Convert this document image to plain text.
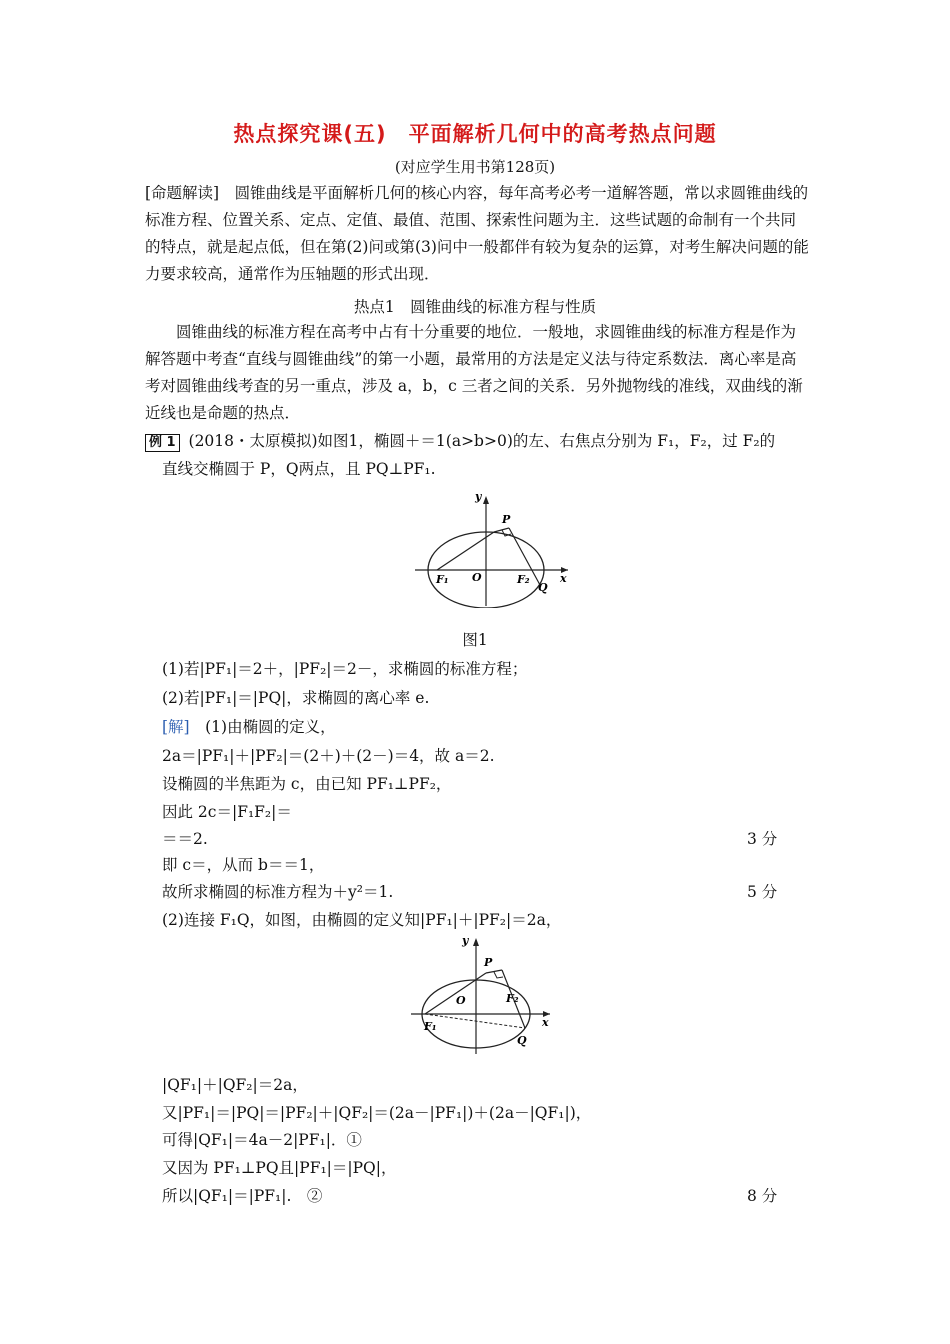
热点探究课(五)　平面解析几何中的高考热点问题
(对应学生用书第128页)
[命题解读]　圆锥曲线是平面解析几何的核心内容，每年高考必考一道解答题，常以求圆锥曲线的标准方程、位置关系、定点、定值、最值、范围、探索性问题为主．这些试题的命制有一个共同的特点，就是起点低，但在第(2)问或第(3)问中一般都伴有较为复杂的运算，对考生解决问题的能力要求较高，通常作为压轴题的形式出现．
热点1　圆锥曲线的标准方程与性质
圆锥曲线的标准方程在高考中占有十分重要的地位．一般地，求圆锥曲线的标准方程是作为解答题中考查“直线与圆锥曲线”的第一小题，最常用的方法是定义法与待定系数法．离心率是高考对圆锥曲线考查的另一重点，涉及 a，b，c 三者之间的关系．另外抛物线的准线，双曲线的渐近线也是命题的热点．
例 1 (2018・太原模拟)如图1，椭圆＋＝1(a>b>0)的左、右焦点分别为 F₁，F₂，过 F₂的
直线交椭圆于 P，Q两点，且 PQ⊥PF₁.
y
x
P
O
F₁	F₂
Q
图1
(1)若|PF₁|＝2＋，|PF₂|＝2－，求椭圆的标准方程；
(2)若|PF₁|＝|PQ|，求椭圆的离心率 e.
[解]　(1)由椭圆的定义，
2a＝|PF₁|＋|PF₂|＝(2＋)＋(2－)＝4，故 a＝2.
设椭圆的半焦距为 c，由已知 PF₁⊥PF₂，
因此 2c＝|F₁F₂|＝
＝＝2.	3 分
即 c＝，从而 b＝＝1，
故所求椭圆的标准方程为＋y²＝1.	5 分
(2)连接 F₁Q，如图，由椭圆的定义知|PF₁|＋|PF₂|＝2a，
y
x
P
O
F₁
F₂
Q
|QF₁|＋|QF₂|＝2a，
又|PF₁|＝|PQ|＝|PF₂|＋|QF₂|＝(2a－|PF₁|)＋(2a－|QF₁|)，
可得|QF₁|＝4a－2|PF₁|．①
又因为 PF₁⊥PQ且|PF₁|＝|PQ|，
所以|QF₁|＝|PF₁|.　②	8 分
